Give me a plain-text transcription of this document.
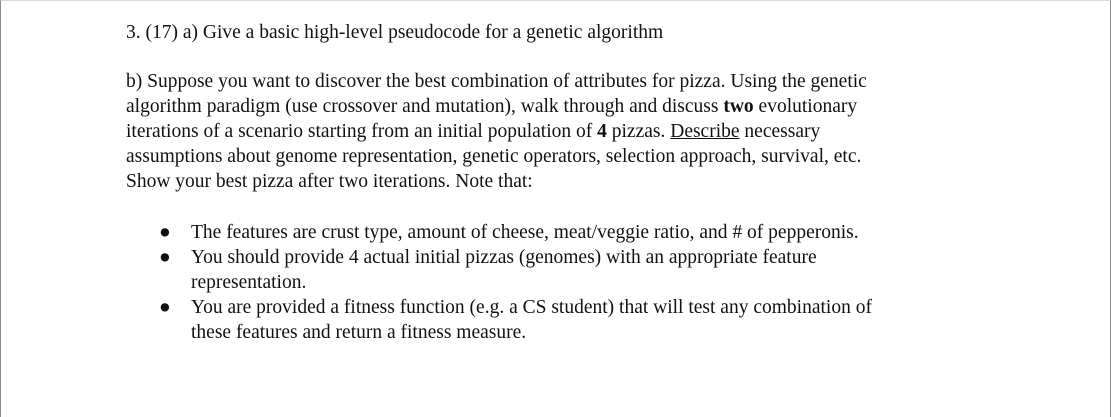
3. (17) a) Give a basic high-level pseudocode for a genetic algorithm

b) Suppose you want to discover the best combination of attributes for pizza. Using the genetic
algorithm paradigm (use crossover and mutation), walk through and discuss two evolutionary
iterations of a scenario starting from an initial population of 4 pizzas. Describe necessary
assumptions about genome representation, genetic operators, selection approach, survival, etc.
Show your best pizza after two iterations. Note that:
● The features are crust type, amount of cheese, meat/veggie ratio, and # of pepperonis.
● You should provide 4 actual initial pizzas (genomes) with an appropriate feature
representation.
● You are provided a fitness function (e.g. a CS student) that will test any combination of
these features and return a fitness measure.
